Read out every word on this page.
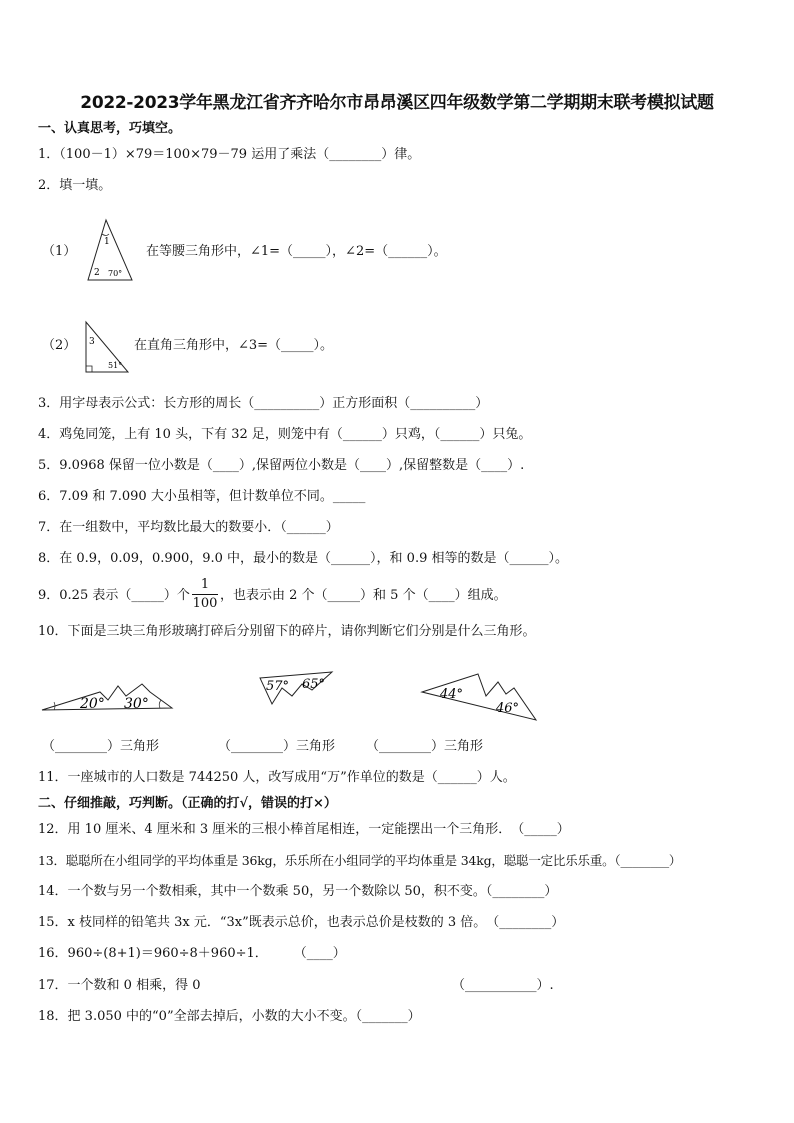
2022-2023学年黑龙江省齐齐哈尔市昂昂溪区四年级数学第二学期期末联考模拟试题
一、认真思考，巧填空。
1．（100－1）×79＝100×79－79 运用了乘法（________）律。
2．填一填。
（1）
1
2 70°
在等腰三角形中，∠1=（_____），∠2=（______）。
（2） 3
51°
在直角三角形中，∠3=（_____）。
3．用字母表示公式：长方形的周长（__________）正方形面积（__________）
4．鸡兔同笼，上有 10 头，下有 32 足，则笼中有（______）只鸡，（______）只兔。
5．9.0968 保留一位小数是（____）,保留两位小数是（____）,保留整数是（____）.
6．7.09 和 7.090 大小虽相等，但计数单位不同。_____
7．在一组数中，平均数比最大的数要小．（______）
8．在 0.9，0.09，0.900，9.0 中，最小的数是（______），和 0.9 相等的数是（______）。
9．0.25 表示（_____）个
1
100
，也表示由 2 个（_____）和 5 个（____）组成。
10．下面是三块三角形玻璃打碎后分别留下的碎片，请你判断它们分别是什么三角形。
20° 30°
57° 65°
44°
46°
（________）三角形	（________）三角形 （________）三角形
11．一座城市的人口数是 744250 人，改写成用“万”作单位的数是（______）人。
二、仔细推敲，巧判断。（正确的打√，错误的打×）
12．用 10 厘米、4 厘米和 3 厘米的三根小棒首尾相连，一定能摆出一个三角形．　（_____）
13．聪聪所在小组同学的平均体重是 36kg，乐乐所在小组同学的平均体重是 34kg，聪聪一定比乐乐重。（________）
14．一个数与另一个数相乘，其中一个数乘 50，另一个数除以 50，积不变。（________）
15．x 枝同样的铅笔共 3x 元．“3x”既表示总价，也表示总价是枝数的 3 倍。　（________）
16．960÷(8+1)＝960÷8＋960÷1．　　　（____）
17．一个数和 0 相乘，得 0	（___________）.
18．把 3.050 中的“0”全部去掉后，小数的大小不变。（_______）
